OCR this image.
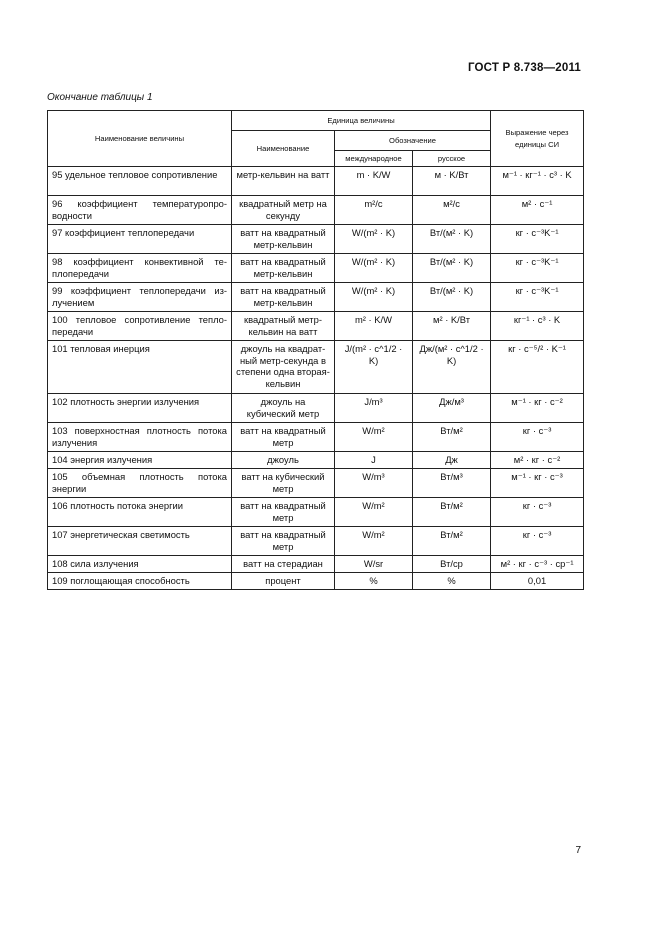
ГОСТ Р 8.738—2011
Окончание таблицы 1
Наименование величины	Единица величины			Выражение через единицы СИ
	Наименование	Обозначение		
		международное	русское	
95 удельное тепловое сопротивление	метр-кельвин на ватт	m · K/W	м · K/Вт	м⁻¹ · кг⁻¹ · с³ · K
96 коэффициент температуропроводности	квадратный метр на секунду	m²/c	м²/с	м² · с⁻¹
97 коэффициент теплопередачи	ватт на квадратный метр-кельвин	W/(m² · K)	Вт/(м² · K)	кг · с⁻³K⁻¹
98 коэффициент конвективной теплопередачи	ватт на квадратный метр-кельвин	W/(m² · K)	Вт/(м² · K)	кг · с⁻³K⁻¹
99 коэффициент теплопередачи излучением	ватт на квадратный метр-кельвин	W/(m² · K)	Вт/(м² · K)	кг · с⁻³K⁻¹
100 тепловое сопротивление теплопередачи	квадратный метр-кельвин на ватт	m² · K/W	м² · K/Вт	кг⁻¹ · с³ · K
101 тепловая инерция	джоуль на квадратный метр-секунда в степени одна вторая-кельвин	J/(m² · c^1/2 · K)	Дж/(м² · с^1/2 · K)	кг · с⁻⁵/² · K⁻¹
102 плотность энергии излучения	джоуль на кубический метр	J/m³	Дж/м³	м⁻¹ · кг · с⁻²
103 поверхностная плотность потока излучения	ватт на квадратный метр	W/m²	Вт/м²	кг · с⁻³
104 энергия излучения	джоуль	J	Дж	м² · кг · с⁻²
105 объемная плотность потока энергии	ватт на кубический метр	W/m³	Вт/м³	м⁻¹ · кг · с⁻³
106 плотность потока энергии	ватт на квадратный метр	W/m²	Вт/м²	кг · с⁻³
107 энергетическая светимость	ватт на квадратный метр	W/m²	Вт/м²	кг · с⁻³
108 сила излучения	ватт на стерадиан	W/sr	Вт/ср	м² · кг · с⁻³ · ср⁻¹
109 поглощающая способность	процент	%	%	0,01
7
